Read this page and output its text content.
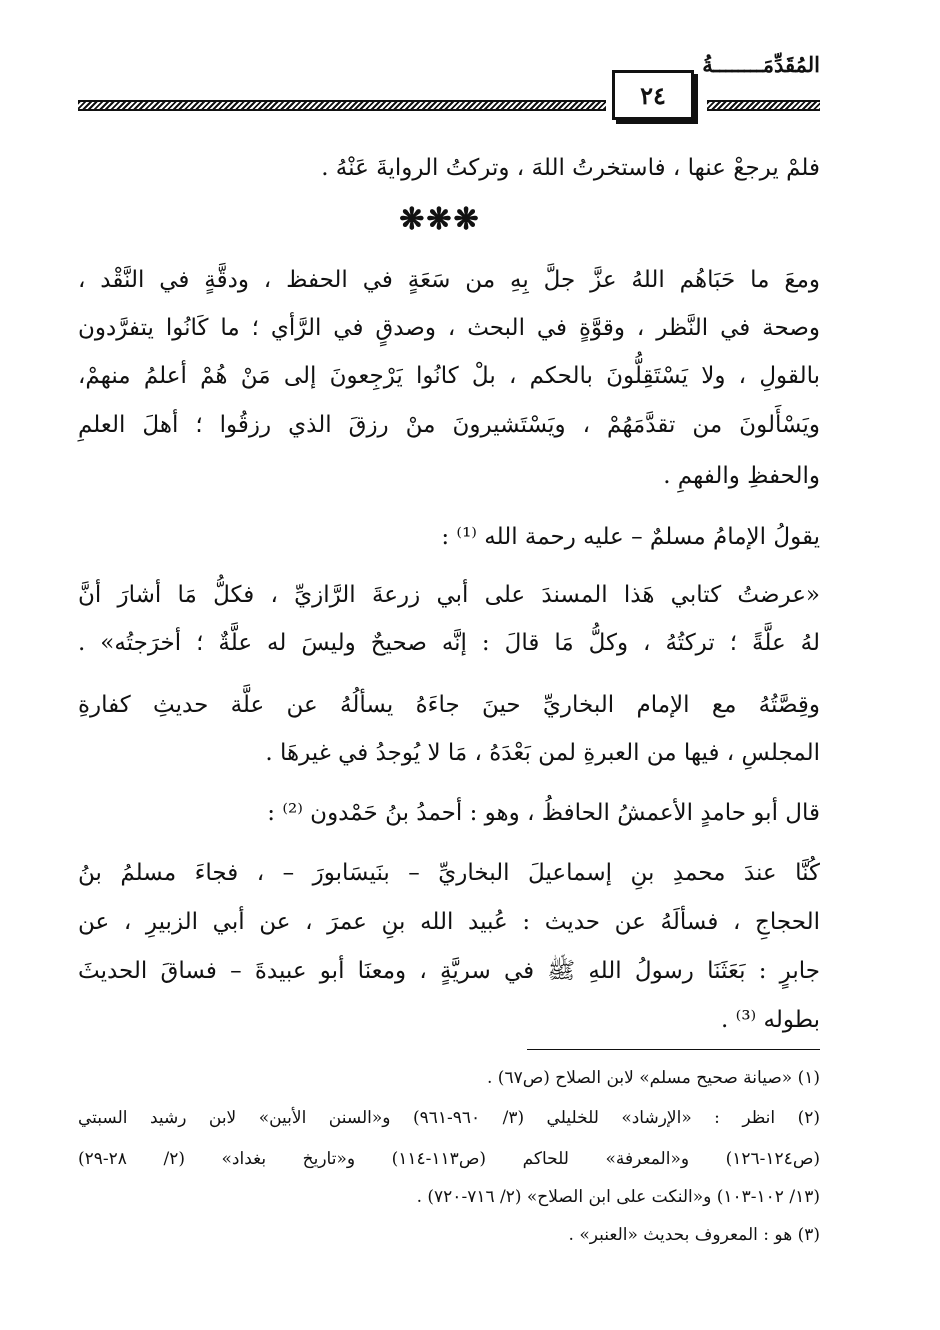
المُقَدِّمَــــــــةُ
٢٤
فلمْ يرجعْ عنها ، فاستخرتُ اللهَ ، وتركتُ الروايةَ عَنْهُ .
❋❋❋
ومعَ ما حَبَاهُم اللهُ عزَّ جلَّ بِهِ من سَعَةٍ في الحفظ ، ودقَّةٍ في النَّقْد ،
وصحة في النَّظر ، وقوَّةٍ في البحث ، وصدقٍ في الرَّأي ؛ ما كَانُوا يتفرَّدون
بالقولِ ، ولا يَسْتَقِلُّونَ بالحكم ، بلْ كانُوا يَرْجِعونَ إلى مَنْ هُمْ أعلمُ منهمْ،
ويَسْأَلونَ من تقدَّمَهُمْ ، ويَسْتَشيرونَ منْ رزقَ الذي رزقُوا ؛ أهلَ العلمِ
والحفظِ والفهمِ .
يقولُ الإمامُ مسلمٌ – عليه رحمة الله ⁽¹⁾ :
«عرضتُ كتابي هَذا المسندَ على أبي زرعةَ الرَّازيِّ ، فكلُّ مَا أشارَ أنَّ
لهُ علَّةً ؛ تركتُهُ ، وكلُّ مَا قالَ : إنَّه صحيحٌ وليسَ له علَّةٌ ؛ أخرَجتُه» .
وقِصَّتُهُ مع الإمام البخاريِّ حينَ جاءَهُ يسألُهُ عن علَّة حديثِ كفارةِ
المجلسِ ، فيها من العبرةِ لمن بَعْدَهُ ، مَا لا يُوجدُ في غيرهَا .
قال أبو حامدٍ الأعمشُ الحافظُ ، وهو : أحمدُ بنُ حَمْدون ⁽²⁾ :
كُنَّا عندَ محمدِ بنِ إسماعيلَ البخاريِّ – بنَيسَابورَ – ، فجاءَ مسلمُ بنُ
الحجاجِ ، فسألَهُ عن حديث : عُبيد الله بنِ عمرَ ، عن أبي الزبيرِ ، عن
جابرٍ : بَعَثَنَا رسولُ اللهِ ﷺ في سريَّةٍ ، ومعنَا أبو عبيدةَ – فساقَ الحديثَ
بطوله ⁽³⁾ .
(١) «صيانة صحيح مسلم» لابن الصلاح (ص٦٧) .
(٢) انظر : «الإرشاد» للخليلي (٣/ ٩٦٠-٩٦١) و«السنن الأبين» لابن رشيد السبتي
(ص١٢٤-١٢٦) و«المعرفة» للحاكم (ص١١٣-١١٤) و«تاريخ بغداد» (٢/ ٢٨-٢٩)
(١٣/ ١٠٢-١٠٣) و«النكت على ابن الصلاح» (٢/ ٧١٦-٧٢٠) .
(٣) هو : المعروف بحديث «العنبر» .
